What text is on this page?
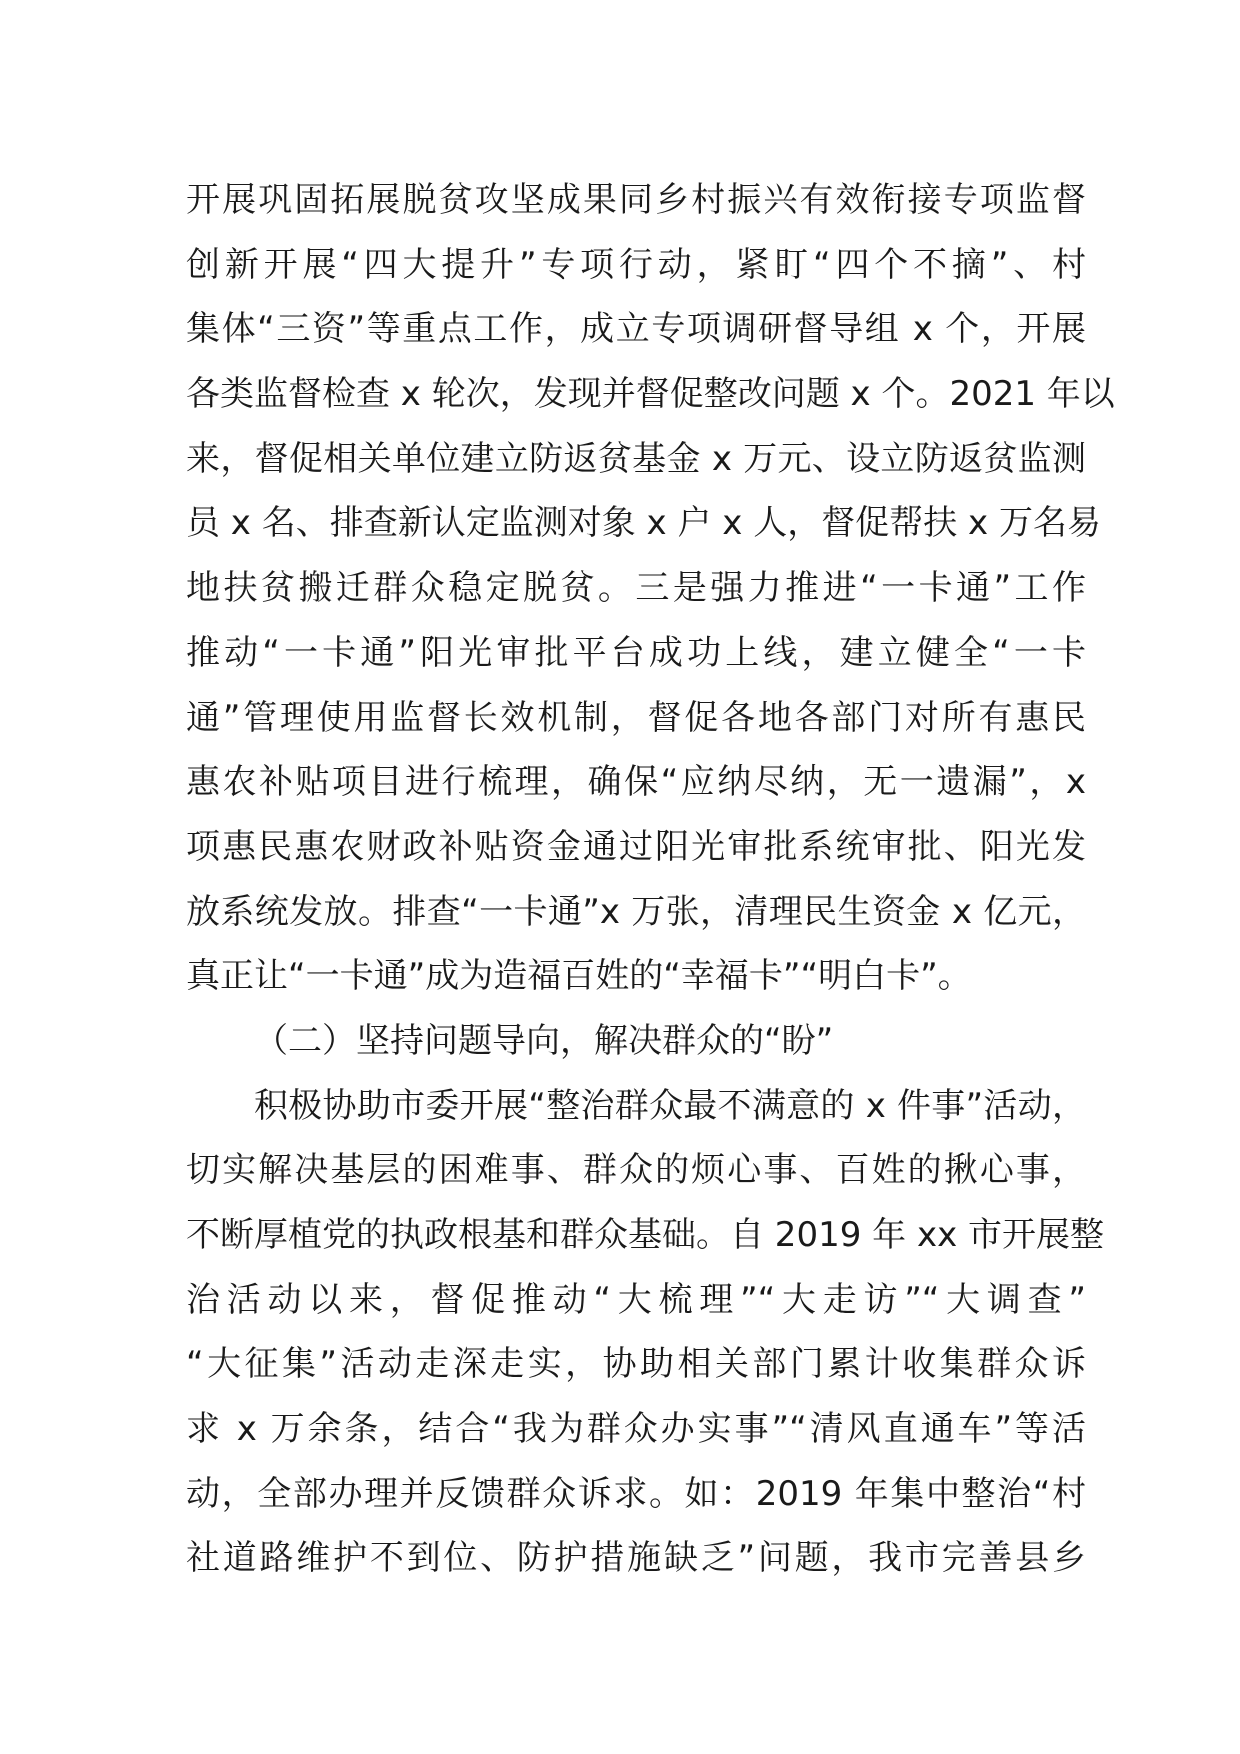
开展巩固拓展脱贫攻坚成果同乡村振兴有效衔接专项监督
创新开展“四大提升”专项行动，紧盯“四个不摘”、村
集体“三资”等重点工作，成立专项调研督导组 x 个，开展
各类监督检查 x 轮次，发现并督促整改问题 x 个。2021 年以
来，督促相关单位建立防返贫基金 x 万元、设立防返贫监测
员 x 名、排查新认定监测对象 x 户 x 人，督促帮扶 x 万名易
地扶贫搬迁群众稳定脱贫。三是强力推进“一卡通”工作
推动“一卡通”阳光审批平台成功上线，建立健全“一卡
通”管理使用监督长效机制，督促各地各部门对所有惠民
惠农补贴项目进行梳理，确保“应纳尽纳，无一遗漏”，x
项惠民惠农财政补贴资金通过阳光审批系统审批、阳光发
放系统发放。排查“一卡通”x 万张，清理民生资金 x 亿元，
真正让“一卡通”成为造福百姓的“幸福卡”“明白卡”。
（二）坚持问题导向，解决群众的“盼”
积极协助市委开展“整治群众最不满意的 x 件事”活动，
切实解决基层的困难事、群众的烦心事、百姓的揪心事，
不断厚植党的执政根基和群众基础。自 2019 年 xx 市开展整
治活动以来，督促推动“大梳理”“大走访”“大调查”
“大征集”活动走深走实，协助相关部门累计收集群众诉
求 x 万余条，结合“我为群众办实事”“清风直通车”等活
动，全部办理并反馈群众诉求。如：2019 年集中整治“村
社道路维护不到位、防护措施缺乏”问题，我市完善县乡
